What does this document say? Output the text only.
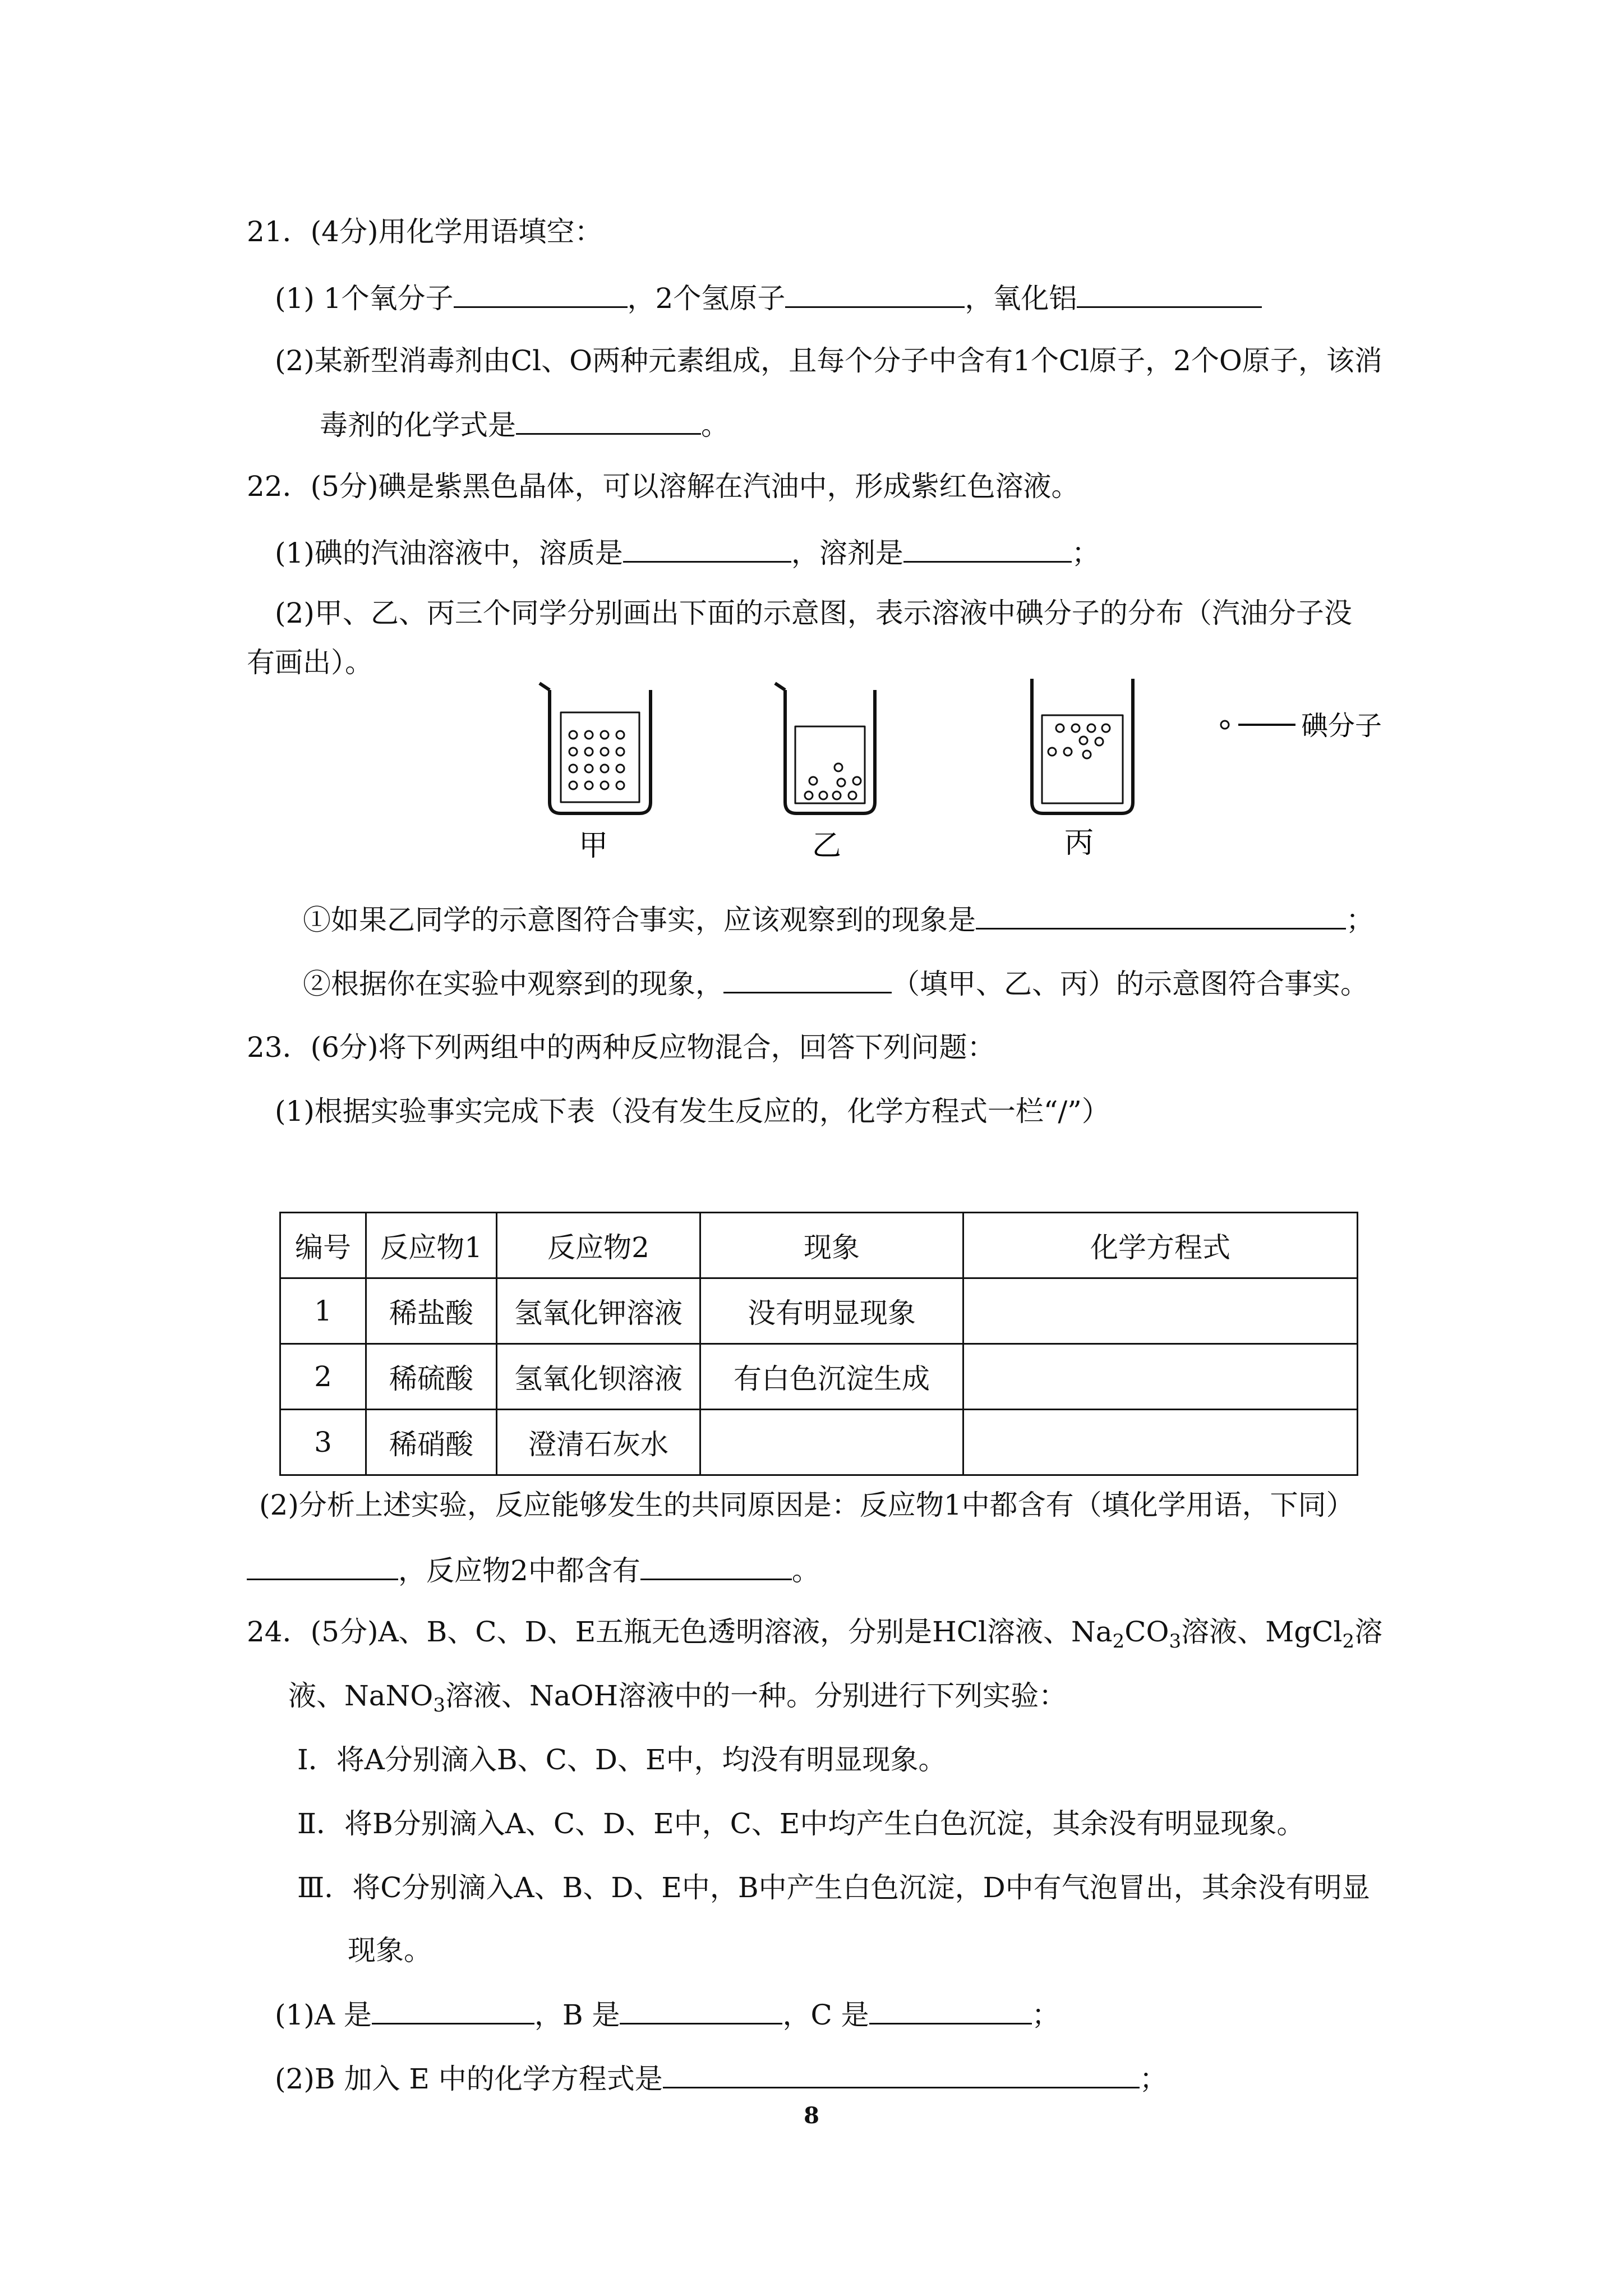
21．(4分)用化学用语填空：
(1) 1个氧分子	，2个氢原子	，氧化铝
(2)某新型消毒剂由Cl、O两种元素组成，且每个分子中含有1个Cl原子，2个O原子，该消
毒剂的化学式是	。
22．(5分)碘是紫黑色晶体，可以溶解在汽油中，形成紫红色溶液。
(1)碘的汽油溶液中，溶质是	，溶剂是	；
(2)甲、乙、丙三个同学分别画出下面的示意图，表示溶液中碘分子的分布（汽油分子没
有画出）。
碘分子
甲	乙	丙
①如果乙同学的示意图符合事实，应该观察到的现象是	；
②根据你在实验中观察到的现象，	（填甲、乙、丙）的示意图符合事实。
23．(6分)将下列两组中的两种反应物混合，回答下列问题：
(1)根据实验事实完成下表（没有发生反应的，化学方程式一栏“/”）
编号	反应物1	反应物2	现象	化学方程式
1	稀盐酸	氢氧化钾溶液	没有明显现象	
2	稀硫酸	氢氧化钡溶液	有白色沉淀生成	
3	稀硝酸	澄清石灰水		
(2)分析上述实验，反应能够发生的共同原因是：反应物1中都含有（填化学用语，下同）
，反应物2中都含有	。
24．(5分)A、B、C、D、E五瓶无色透明溶液，分别是HCl溶液、$Na_2CO_3$溶液、MgCl$_2$溶
液、NaNO$_3$溶液、NaOH溶液中的一种。分别进行下列实验：
Ⅰ．将A分别滴入B、C、D、E中，均没有明显现象。
Ⅱ．将B分别滴入A、C、D、E中，C、E中均产生白色沉淀，其余没有明显现象。
Ⅲ．将C分别滴入A、B、D、E中，B中产生白色沉淀，D中有气泡冒出，其余没有明显
现象。
(1)A 是	，B 是	，C 是	；
(2)B 加入 E 中的化学方程式是	；
8
